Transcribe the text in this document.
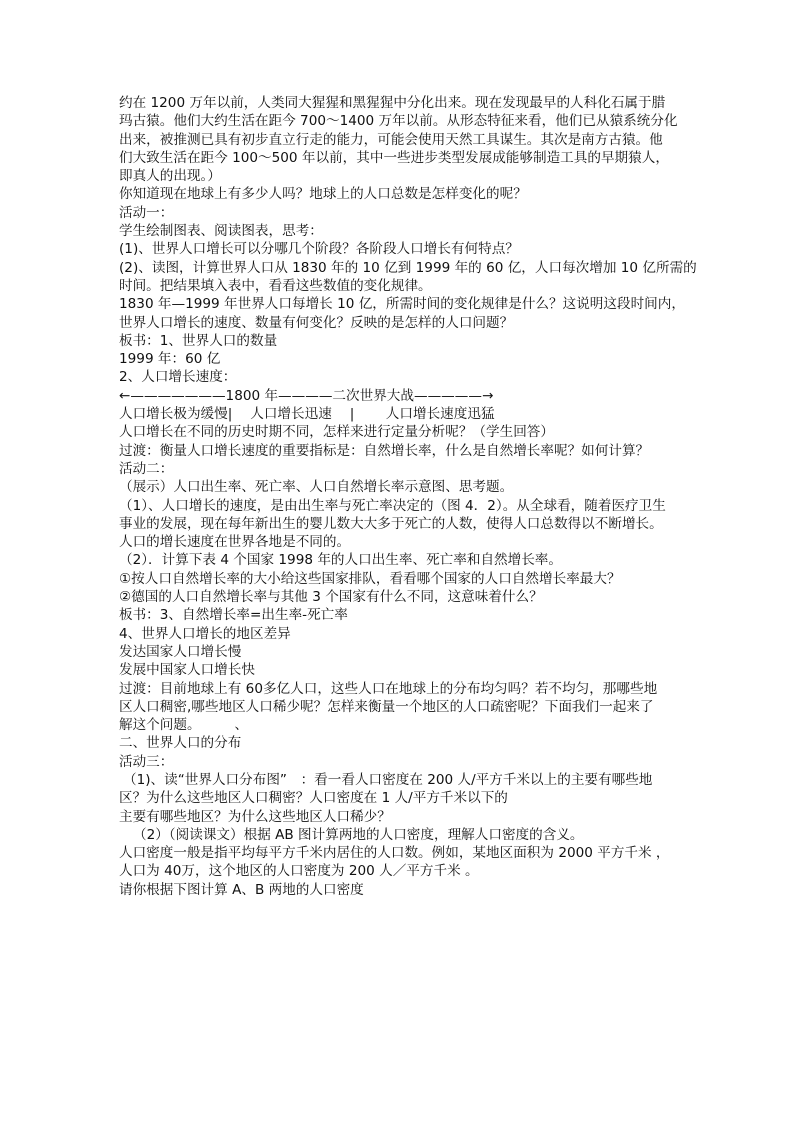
约在 1200 万年以前，人类同大猩猩和黑猩猩中分化出来。现在发现最早的人科化石属于腊
玛古猿。他们大约生活在距今 700～1400 万年以前。从形态特征来看，他们已从猿系统分化
出来，被推测已具有初步直立行走的能力，可能会使用天然工具谋生。其次是南方古猿。他
们大致生活在距今 100～500 年以前，其中一些进步类型发展成能够制造工具的早期猿人，
即真人的出现。）
你知道现在地球上有多少人吗？地球上的人口总数是怎样变化的呢？
活动一：
学生绘制图表、阅读图表，思考：
(1)、世界人口增长可以分哪几个阶段？各阶段人口增长有何特点？
(2)、读图，计算世界人口从 1830 年的 10 亿到 1999 年的 60 亿，人口每次增加 10 亿所需的
时间。把结果填入表中，看看这些数值的变化规律。
1830 年—1999 年世界人口每增长 10 亿，所需时间的变化规律是什么？这说明这段时间内，
世界人口增长的速度、数量有何变化？反映的是怎样的人口问题？
板书：1、世界人口的数量
1999 年：60 亿
2、人口增长速度：
←———————1800 年————二次世界大战—————→
人口增长极为缓慢|　 人口增长迅速　 |　　 人口增长速度迅猛
人口增长在不同的历史时期不同，怎样来进行定量分析呢？（学生回答）
过渡：衡量人口增长速度的重要指标是：自然增长率，什么是自然增长率呢？如何计算？
活动二：
（展示）人口出生率、死亡率、人口自然增长率示意图、思考题。
（1）、人口增长的速度，是由出生率与死亡率决定的（图 4．2）。从全球看，随着医疗卫生
事业的发展，现在每年新出生的婴儿数大大多于死亡的人数，使得人口总数得以不断增长。
人口的增长速度在世界各地是不同的。
（2）．计算下表 4 个国家 1998 年的人口出生率、死亡率和自然增长率。
①按人口自然增长率的大小给这些国家排队，看看哪个国家的人口自然增长率最大？
②德国的人口自然增长率与其他 3 个国家有什么不同，这意味着什么？
板书：3、自然增长率=出生率-死亡率
4、世界人口增长的地区差异
发达国家人口增长慢
发展中国家人口增长快
过渡：目前地球上有 60多亿人口，这些人口在地球上的分布均匀吗？若不均匀，那哪些地
区人口稠密,哪些地区人口稀少呢？怎样来衡量一个地区的人口疏密呢？下面我们一起来了
解这个问题。　　　、
二、世界人口的分布
活动三：
（1)、读“世界人口分布图”　：看一看人口密度在 200 人/平方千米以上的主要有哪些地
区？为什么这些地区人口稠密？人口密度在 1 人/平方千米以下的
主要有哪些地区？为什么这些地区人口稀少？
（2）（阅读课文）根据 AB 图计算两地的人口密度，理解人口密度的含义。
人口密度一般是指平均每平方千米内居住的人口数。例如，某地区面积为 2000 平方千米 ，
人口为 40万，这个地区的人口密度为 200 人／平方千米 。
请你根据下图计算 A、B 两地的人口密度
